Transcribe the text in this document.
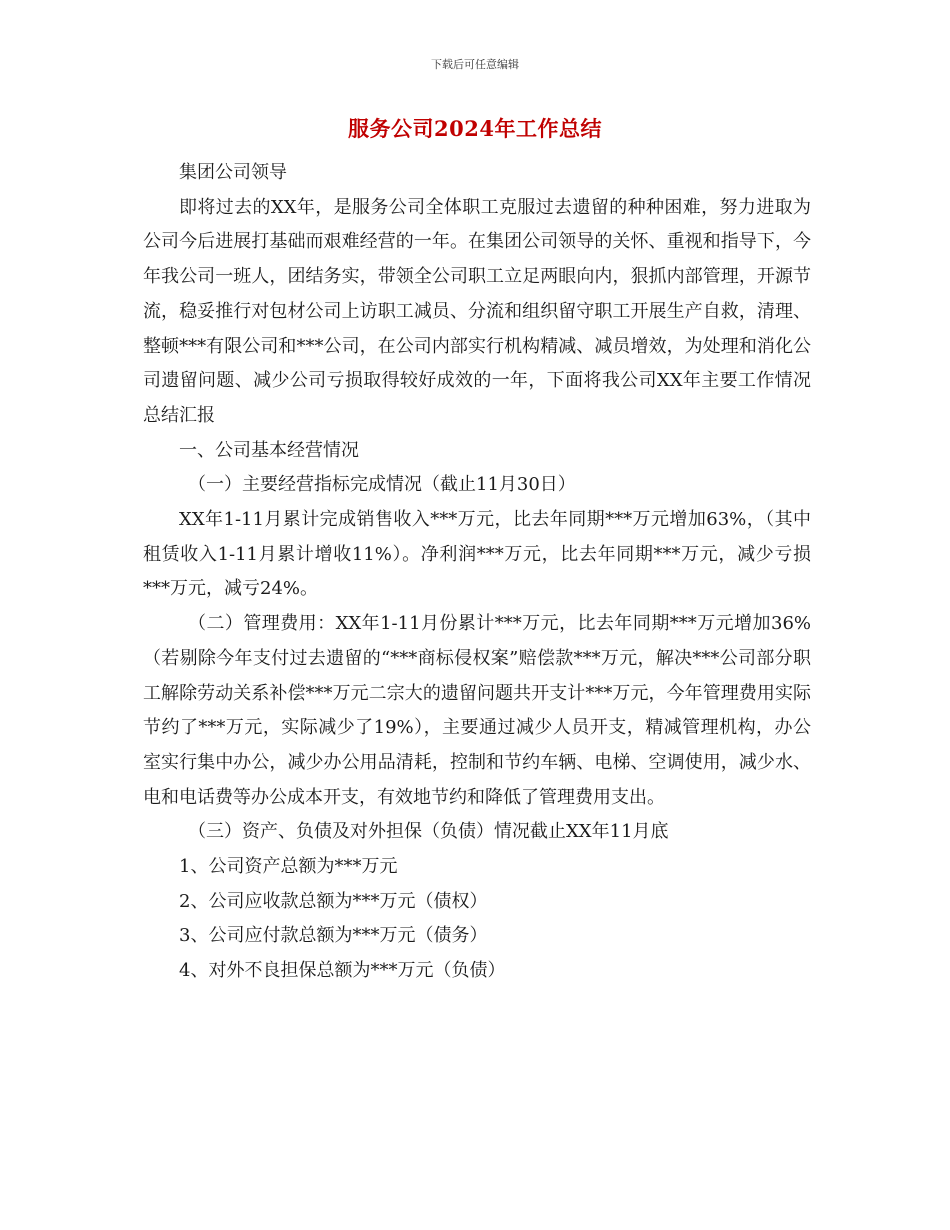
下载后可任意编辑
服务公司2024年工作总结

集团公司领导

即将过去的XX年，是服务公司全体职工克服过去遗留的种种困难，努力进取为公司今后进展打基础而艰难经营的一年。在集团公司领导的关怀、重视和指导下，今年我公司一班人，团结务实，带领全公司职工立足两眼向内，狠抓内部管理，开源节流，稳妥推行对包材公司上访职工减员、分流和组织留守职工开展生产自救，清理、整顿***有限公司和***公司，在公司内部实行机构精减、减员增效，为处理和消化公司遗留问题、减少公司亏损取得较好成效的一年，下面将我公司XX年主要工作情况总结汇报

一、公司基本经营情况

（一）主要经营指标完成情况（截止11月30日）

XX年1-11月累计完成销售收入***万元，比去年同期***万元增加63%，（其中租赁收入1-11月累计增收11%）。净利润***万元，比去年同期***万元，减少亏损***万元，减亏24%。

（二）管理费用：XX年1-11月份累计***万元，比去年同期***万元增加36%（若剔除今年支付过去遗留的“***商标侵权案”赔偿款***万元，解决***公司部分职工解除劳动关系补偿***万元二宗大的遗留问题共开支计***万元，今年管理费用实际节约了***万元，实际减少了19%），主要通过减少人员开支，精减管理机构，办公室实行集中办公，减少办公用品清耗，控制和节约车辆、电梯、空调使用，减少水、电和电话费等办公成本开支，有效地节约和降低了管理费用支出。

（三）资产、负债及对外担保（负债）情况截止XX年11月底

1、公司资产总额为***万元

2、公司应收款总额为***万元（债权）

3、公司应付款总额为***万元（债务）

4、对外不良担保总额为***万元（负债）
